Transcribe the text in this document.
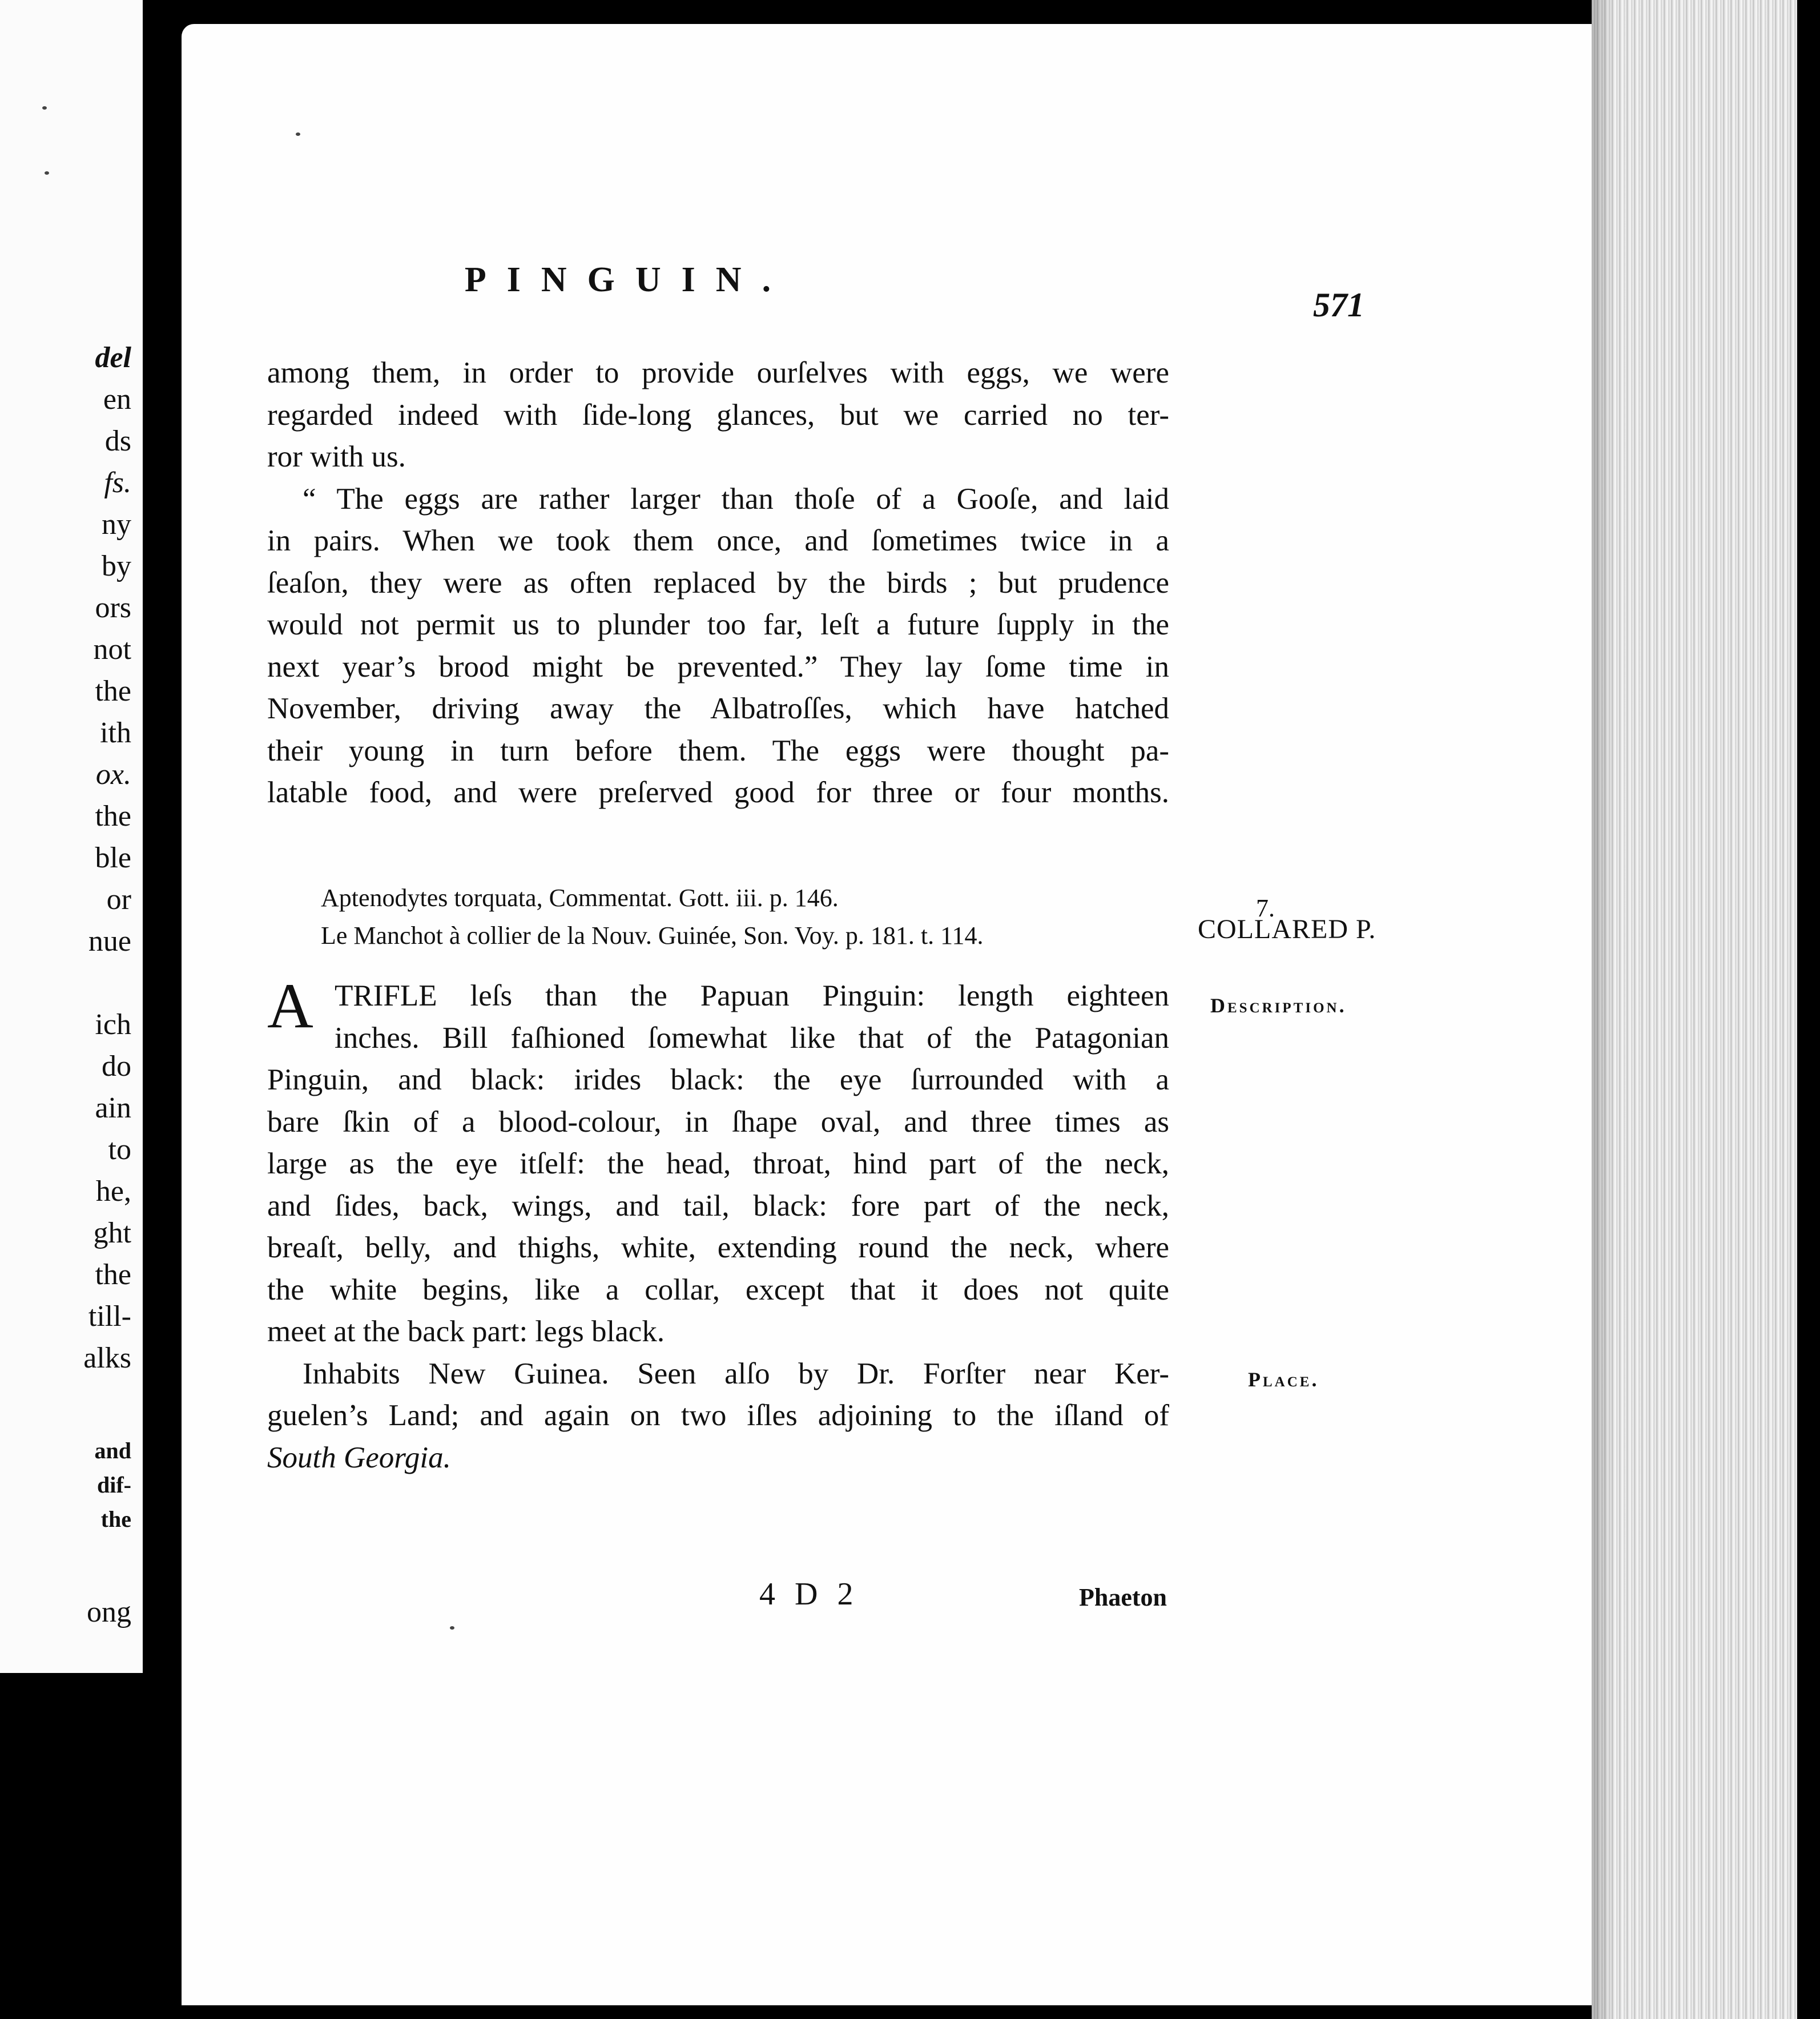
del
en
ds
fs.
ny
by
ors
not
the
ith
ox.
the
ble
or
nue
ich
do
ain
to
he,
ght
the
till-
alks
and
dif-
the
ong
PINGUIN.
571
among them, in order to provide ourſelves with eggs, we were
regarded indeed with ſide-long glances, but we carried no ter-
ror with us.
“ The eggs are rather larger than thoſe of a Gooſe, and laid
in pairs. When we took them once, and ſometimes twice in a
ſeaſon, they were as often replaced by the birds ; but prudence
would not permit us to plunder too far, leſt a future ſupply in the
next year’s brood might be prevented.” They lay ſome time in
November, driving away the Albatroſſes, which have hatched
their young in turn before them. The eggs were thought pa-
latable food, and were preſerved good for three or four months.
Aptenodytes torquata, Commentat. Gott. iii. p. 146.
Le Manchot à collier de la Nouv. Guinée, Son. Voy. p. 181. t. 114.
7.
COLLARED P.
Description.
Place.
A TRIFLE leſs than the Papuan Pinguin: length eighteen
inches. Bill faſhioned ſomewhat like that of the Patagonian
Pinguin, and black: irides black: the eye ſurrounded with a
bare ſkin of a blood-colour, in ſhape oval, and three times as
large as the eye itſelf: the head, throat, hind part of the neck,
and ſides, back, wings, and tail, black: fore part of the neck,
breaſt, belly, and thighs, white, extending round the neck, where
the white begins, like a collar, except that it does not quite
meet at the back part: legs black.
Inhabits New Guinea. Seen alſo by Dr. Forſter near Ker-
guelen’s Land; and again on two iſles adjoining to the iſland of
South Georgia.
4 D 2	Phaeton
